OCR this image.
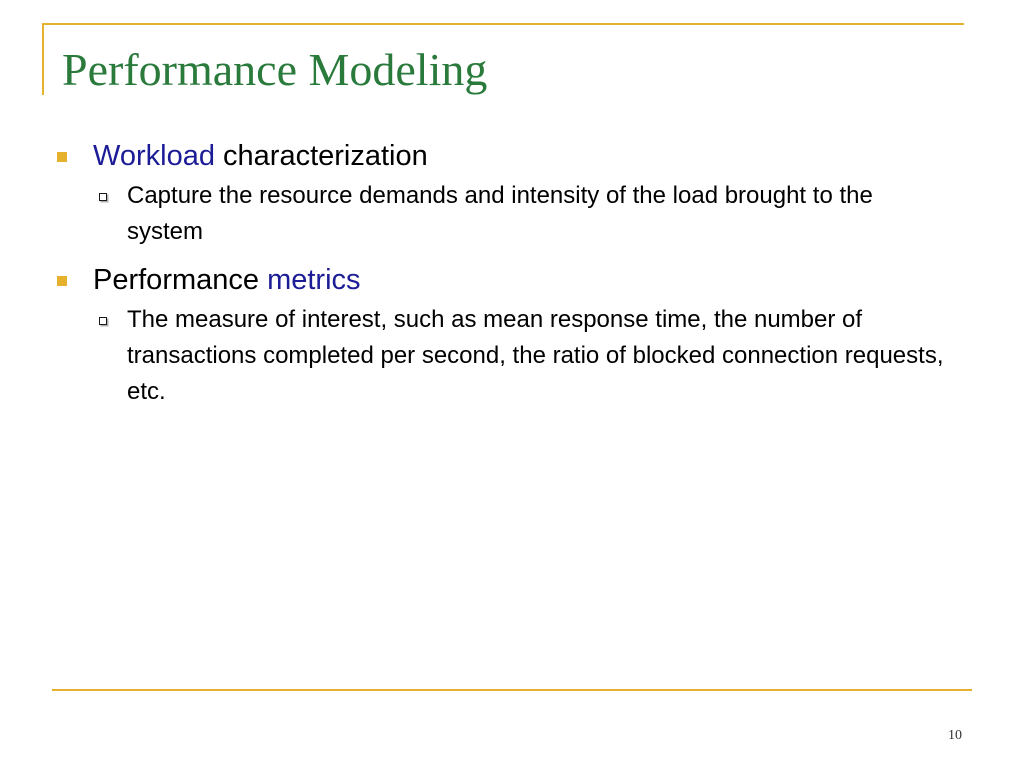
Performance Modeling
Workload characterization
Capture the resource demands and intensity of the load brought to the system
Performance metrics
The measure of interest, such as mean response time, the number of transactions completed per second, the ratio of blocked connection requests, etc.
10
